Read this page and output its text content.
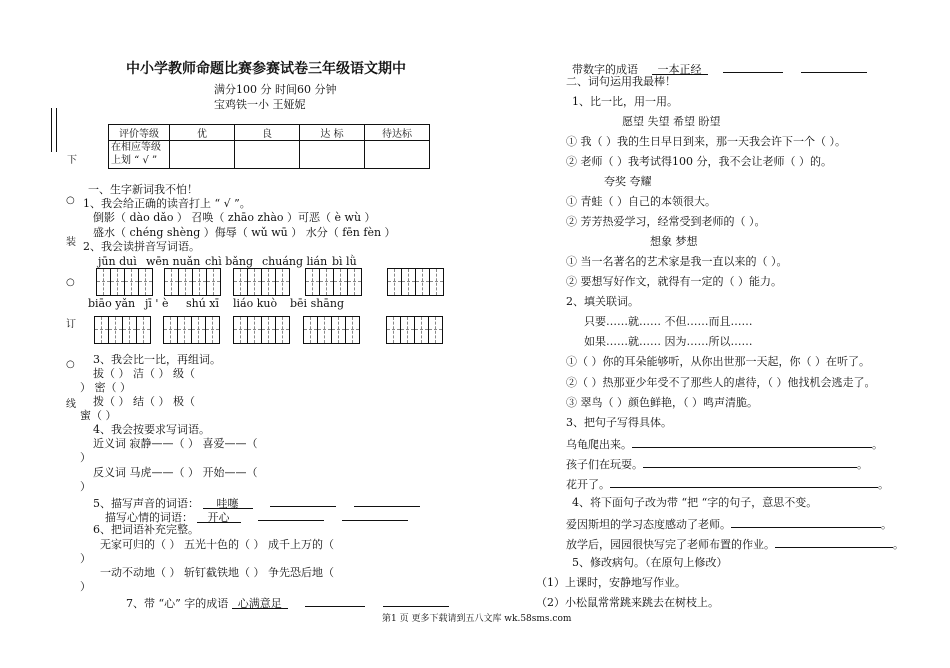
下
○
装
○
订
○
线
中小学教师命题比赛参赛试卷三年级语文期中
满分100 分 时间60 分钟
宝鸡铁一小 王娅妮
评价等级	优	良	达 标	待达标
在相应等级
上划 “ √ ”				
一、生字新词我不怕！
1、我会给正确的读音打上 “ √ ”。
倒影（ dào dǎo ） 召唤（ zhāo zhào ）可恶（ è wù ）
盛水（ chéng shèng ）侮辱（ wǔ wū ） 水分（ fēn fèn ）
2、我会读拼音写词语。
jūn duì wēn nuǎn chì bǎng chuáng lián bì lǜ
biāo yǎn jī ' è shú xī liáo kuò bēi shāng
3、我会比一比，再组词。
拔（ ） 洁（ ） 级（
） 密（ ）
拨（ ） 结（ ） 极（
蜜（ ）
4、我会按要求写词语。
近义词 寂静——（ ） 喜爱——（
）
反义词 马虎——（ ） 开始——（
）
5、描写声音的词语： 哇噻
描写心情的词语： 开心
6、把词语补充完整。
无家可归的（ ） 五光十色的（ ） 成千上万的（
）
一动不动地（ ） 斩钉截铁地（ ） 争先恐后地（
）
7、带 “心” 字的成语 心满意足
带数字的成语 一本正经
二、词句运用我最棒！
1、比一比，用一用。
愿望 失望 希望 盼望
① 我（ ）我的生日早日到来，那一天我会许下一个（ ）。
② 老师（ ）我考试得100 分，我不会让老师（ ）的。
夸奖 夸耀
① 青蛙（ ）自己的本领很大。
② 芳芳热爱学习，经常受到老师的（ ）。
想象 梦想
① 当一名著名的艺术家是我一直以来的（ ）。
② 要想写好作文，就得有一定的（ ）能力。
2、填关联词。
只要……就…… 不但……而且……
如果……就…… 因为……所以……
①（ ）你的耳朵能够听，从你出世那一天起，你（ ）在听了。
②（ ）热那亚少年受不了那些人的虐待，（ ）他找机会逃走了。
③ 翠鸟（ ）颜色鲜艳，（ ）鸣声清脆。
3、把句子写得具体。
乌龟爬出来。	。
孩子们在玩耍。	。
花开了。	。
4、将下面句子改为带 “把 “字的句子，意思不变。
爱因斯坦的学习态度感动了老师。	。
放学后，园园很快写完了老师布置的作业。	。
5、修改病句。（在原句上修改）
（1）上课时，安静地写作业。
（2）小松鼠常常跳来跳去在树枝上。
第1 页 更多下载请到五八文库 wk.58sms.com
